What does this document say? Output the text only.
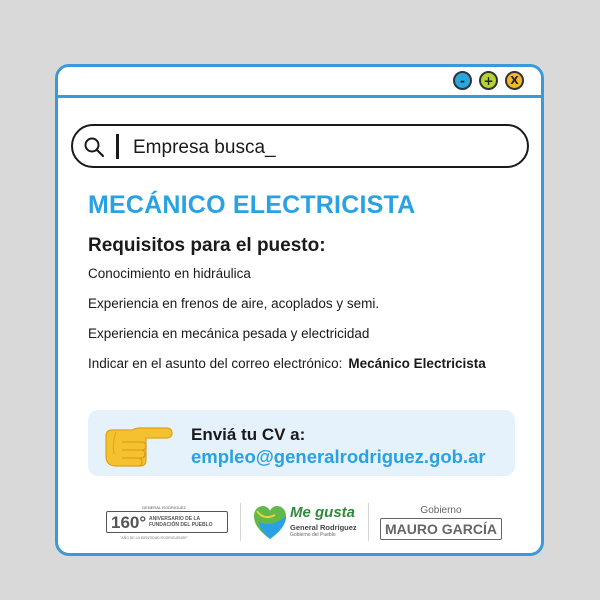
-	+	X
Empresa busca_
MECÁNICO ELECTRICISTA
Requisitos para el puesto:
Conocimiento en hidráulica
Experiencia en frenos de aire, acoplados y semi.
Experiencia en mecánica pesada y electricidad
Indicar en el asunto del correo electrónico: Mecánico Electricista
Enviá tu CV a:
empleo@generalrodriguez.gob.ar
GENERAL RODRÍGUEZ
160° ANIVERSARIO DE LA
FUNDACIÓN DEL PUEBLO
"AÑO DE LA IDENTIDAD RODRIGUENSE"
Me gusta
General Rodríguez
Gobierno del Pueblo
Gobierno
MAURO GARCÍA
